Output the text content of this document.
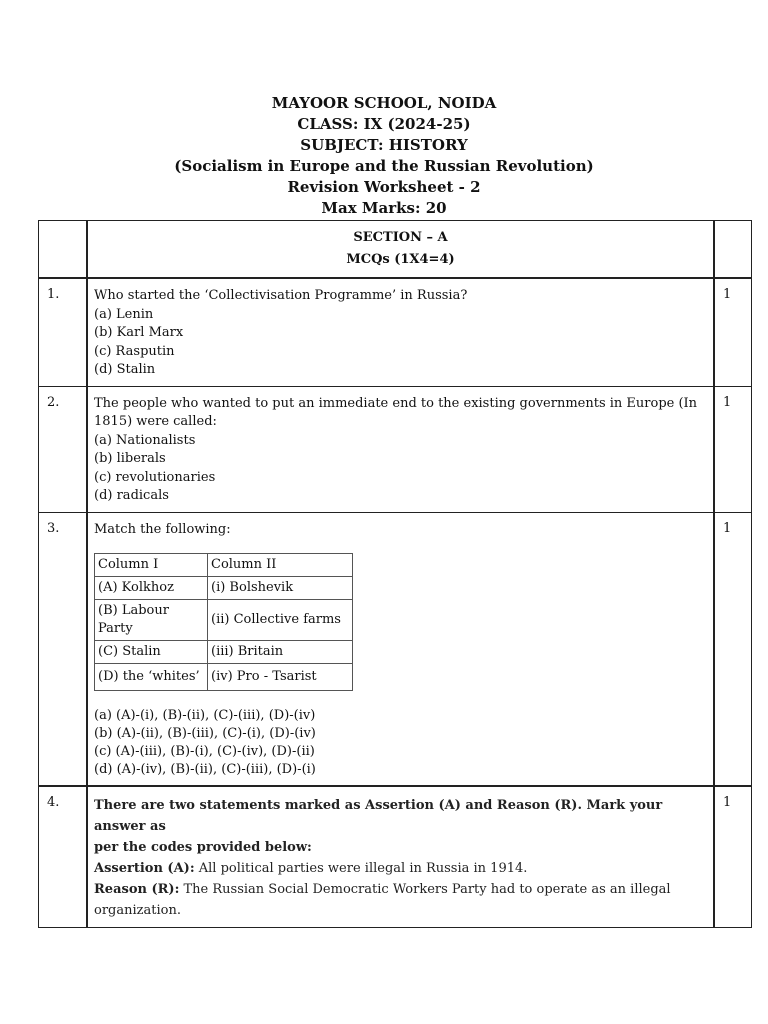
MAYOOR SCHOOL, NOIDA
CLASS: IX (2024-25)
SUBJECT: HISTORY
(Socialism in Europe and the Russian Revolution)
Revision Worksheet - 2
Max Marks: 20

SECTION – A
MCQs (1X4=4)

1.	Who started the ‘Collectivisation Programme’ in Russia?
(a) Lenin
(b) Karl Marx
(c) Rasputin
(d) Stalin
	1
2.	The people who wanted to put an immediate end to the existing governments in Europe (In
1815) were called:
(a) Nationalists
(b) liberals
(c) revolutionaries
(d) radicals
	1
3.	Match the following:
Column I	Column II
(A) Kolkhoz	(i) Bolshevik
(B) Labour Party	(ii) Collective farms
(C) Stalin	(iii) Britain
(D) the ‘whites’	(iv) Pro - Tsarist
(a) (A)-(i), (B)-(ii), (C)-(iii), (D)-(iv)
(b) (A)-(ii), (B)-(iii), (C)-(i), (D)-(iv)
(c) (A)-(iii), (B)-(i), (C)-(iv), (D)-(ii)
(d) (A)-(iv), (B)-(ii), (C)-(iii), (D)-(i)
	1
4.	There are two statements marked as Assertion (A) and Reason (R). Mark your answer as
per the codes provided below:
Assertion (A): All political parties were illegal in Russia in 1914.
Reason (R): The Russian Social Democratic Workers Party had to operate as an illegal
organization.
	1
